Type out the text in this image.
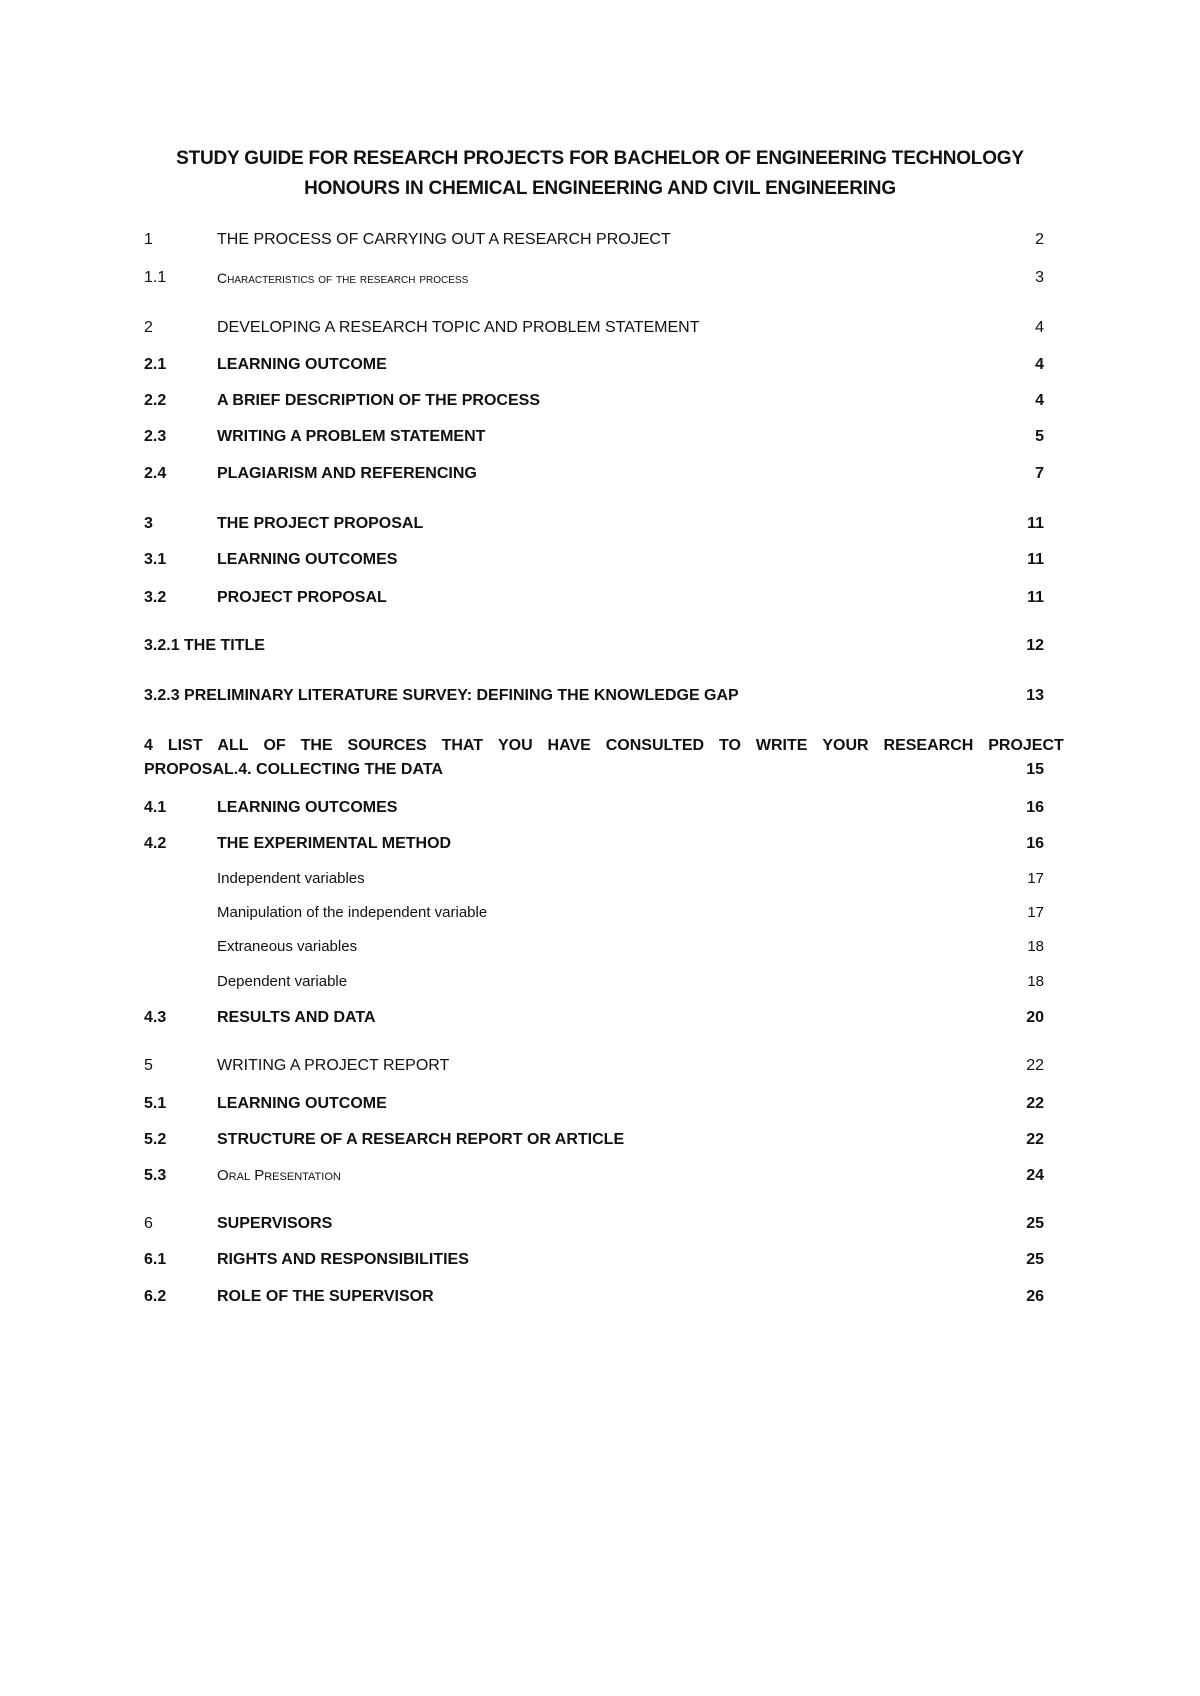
STUDY GUIDE FOR RESEARCH PROJECTS FOR BACHELOR OF ENGINEERING TECHNOLOGY
HONOURS IN CHEMICAL ENGINEERING AND CIVIL ENGINEERING
1	THE PROCESS OF CARRYING OUT A RESEARCH PROJECT	2
1.1	Characteristics of the research process	3
2	DEVELOPING A RESEARCH TOPIC AND PROBLEM STATEMENT	4
2.1	LEARNING OUTCOME	4
2.2	A BRIEF DESCRIPTION OF THE PROCESS	4
2.3	WRITING A PROBLEM STATEMENT	5
2.4	PLAGIARISM AND REFERENCING	7
3	THE PROJECT PROPOSAL	11
3.1	LEARNING OUTCOMES	11
3.2	PROJECT PROPOSAL	11
3.2.1 THE TITLE	12
3.2.3 PRELIMINARY LITERATURE SURVEY: DEFINING THE KNOWLEDGE GAP	13
4 LIST ALL OF THE SOURCES THAT YOU HAVE CONSULTED TO WRITE YOUR RESEARCH PROJECT
PROPOSAL.4. COLLECTING THE DATA	15
4.1	LEARNING OUTCOMES	16
4.2	THE EXPERIMENTAL METHOD	16
Independent variables	17
Manipulation of the independent variable	17
Extraneous variables	18
Dependent variable	18
4.3	RESULTS AND DATA	20
5	WRITING A PROJECT REPORT	22
5.1	LEARNING OUTCOME	22
5.2	STRUCTURE OF A RESEARCH REPORT OR ARTICLE	22
5.3	Oral Presentation	24
6	SUPERVISORS	25
6.1	RIGHTS AND RESPONSIBILITIES	25
6.2	ROLE OF THE SUPERVISOR	26
